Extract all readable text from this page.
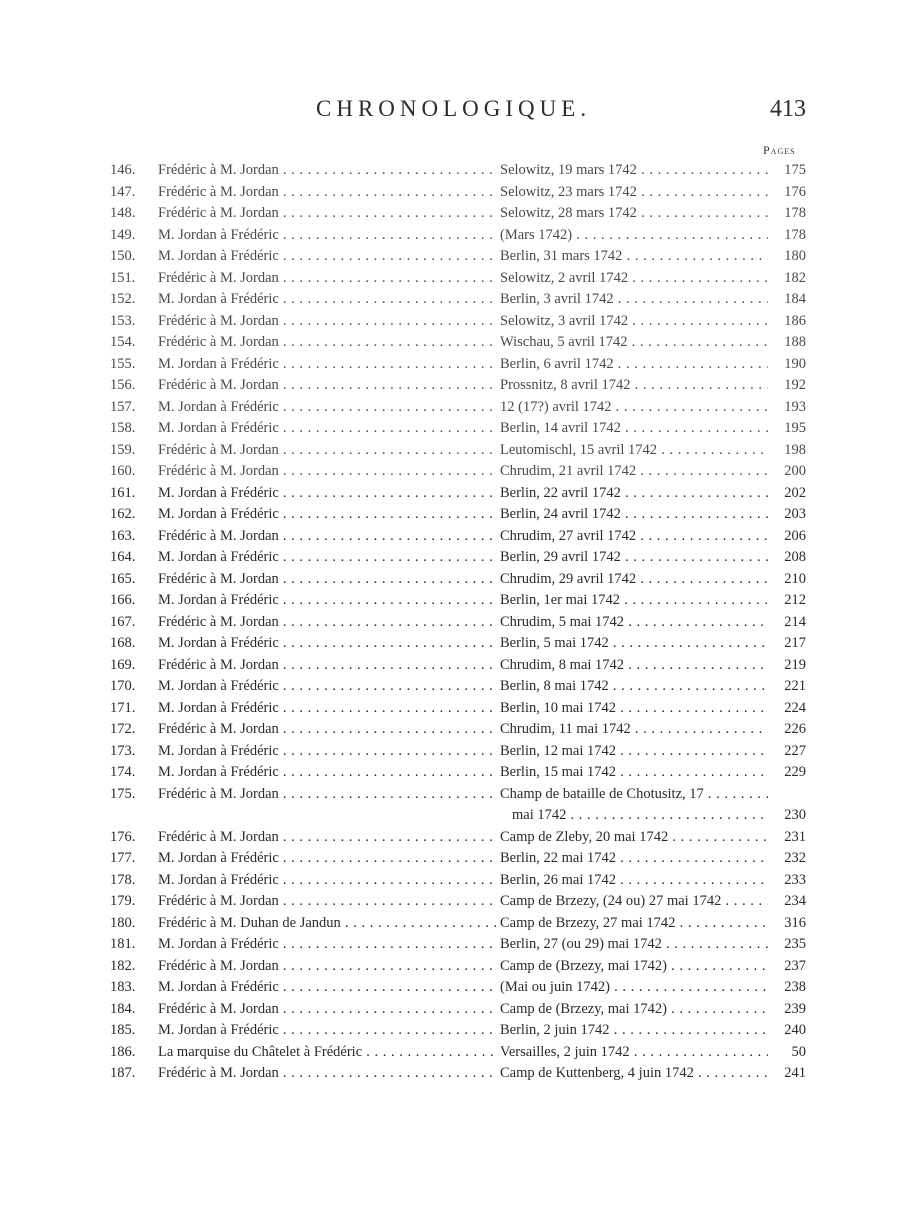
CHRONOLOGIQUE.	413
Pages
146.	Frédéric à M. Jordan . . .	Selowitz, 19 mars 1742 . . .	175
147.	Frédéric à M. Jordan . . .	Selowitz, 23 mars 1742 . . .	176
148.	Frédéric à M. Jordan . . .	Selowitz, 28 mars 1742 . . .	178
149.	M. Jordan à Frédéric . . .	(Mars 1742) . . .	178
150.	M. Jordan à Frédéric . . .	Berlin, 31 mars 1742 . . .	180
151.	Frédéric à M. Jordan . . .	Selowitz, 2 avril 1742 . . .	182
152.	M. Jordan à Frédéric . . .	Berlin, 3 avril 1742 . . .	184
153.	Frédéric à M. Jordan . . .	Selowitz, 3 avril 1742 . . .	186
154.	Frédéric à M. Jordan . . .	Wischau, 5 avril 1742 . . .	188
155.	M. Jordan à Frédéric . . .	Berlin, 6 avril 1742 . . .	190
156.	Frédéric à M. Jordan . . .	Prossnitz, 8 avril 1742 . . .	192
157.	M. Jordan à Frédéric . . .	12 (17?) avril 1742 . . .	193
158.	M. Jordan à Frédéric . . .	Berlin, 14 avril 1742 . . .	195
159.	Frédéric à M. Jordan . . .	Leutomischl, 15 avril 1742 . . .	198
160.	Frédéric à M. Jordan . . .	Chrudim, 21 avril 1742 . . .	200
161.	M. Jordan à Frédéric . . .	Berlin, 22 avril 1742 . . .	202
162.	M. Jordan à Frédéric . . .	Berlin, 24 avril 1742 . . .	203
163.	Frédéric à M. Jordan . . .	Chrudim, 27 avril 1742 . . .	206
164.	M. Jordan à Frédéric . . .	Berlin, 29 avril 1742 . . .	208
165.	Frédéric à M. Jordan . . .	Chrudim, 29 avril 1742 . . .	210
166.	M. Jordan à Frédéric . . .	Berlin, 1er mai 1742 . . .	212
167.	Frédéric à M. Jordan . . .	Chrudim, 5 mai 1742 . . .	214
168.	M. Jordan à Frédéric . . .	Berlin, 5 mai 1742 . . .	217
169.	Frédéric à M. Jordan . . .	Chrudim, 8 mai 1742 . . .	219
170.	M. Jordan à Frédéric . . .	Berlin, 8 mai 1742 . . .	221
171.	M. Jordan à Frédéric . . .	Berlin, 10 mai 1742 . . .	224
172.	Frédéric à M. Jordan . . .	Chrudim, 11 mai 1742 . . .	226
173.	M. Jordan à Frédéric . . .	Berlin, 12 mai 1742 . . .	227
174.	M. Jordan à Frédéric . . .	Berlin, 15 mai 1742 . . .	229
175.	Frédéric à M. Jordan . . .	Champ de bataille de Chotusitz, 17 . . .
mai 1742 . . .	230
176.	Frédéric à M. Jordan . . .	Camp de Zleby, 20 mai 1742 . . .	231
177.	M. Jordan à Frédéric . . .	Berlin, 22 mai 1742 . . .	232
178.	M. Jordan à Frédéric . . .	Berlin, 26 mai 1742 . . .	233
179.	Frédéric à M. Jordan . . .	Camp de Brzezy, (24 ou) 27 mai 1742 . . .	234
180.	Frédéric à M. Duhan de Jandun . . .	Camp de Brzezy, 27 mai 1742 . . .	316
181.	M. Jordan à Frédéric . . .	Berlin, 27 (ou 29) mai 1742 . . .	235
182.	Frédéric à M. Jordan . . .	Camp de (Brzezy, mai 1742) . . .	237
183.	M. Jordan à Frédéric . . .	(Mai ou juin 1742) . . .	238
184.	Frédéric à M. Jordan . . .	Camp de (Brzezy, mai 1742) . . .	239
185.	M. Jordan à Frédéric . . .	Berlin, 2 juin 1742 . . .	240
186.	La marquise du Châtelet à Frédéric . . .	Versailles, 2 juin 1742 . . .	50
187.	Frédéric à M. Jordan . . .	Camp de Kuttenberg, 4 juin 1742 . . .	241
